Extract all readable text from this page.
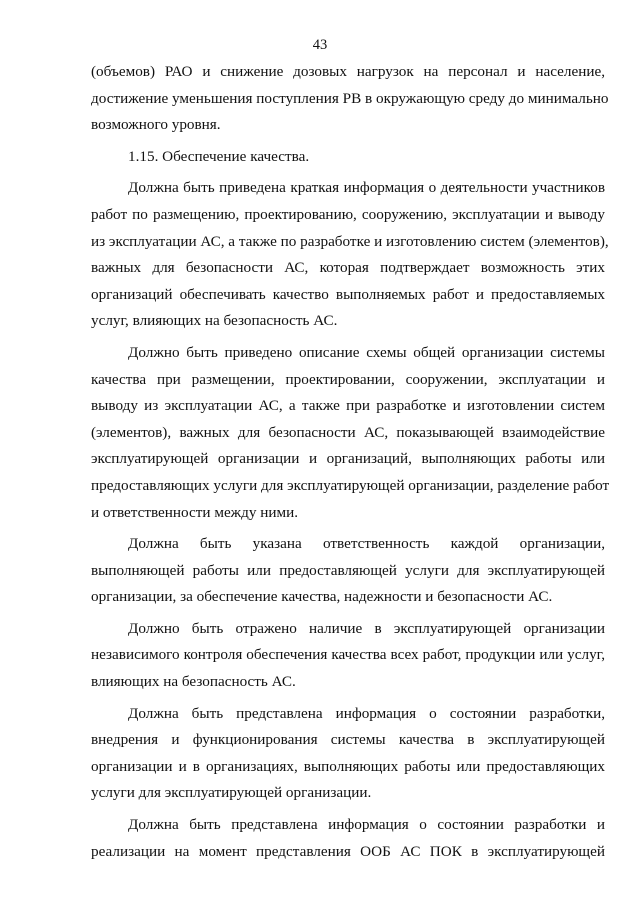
43

(объемов) РАО и снижение дозовых нагрузок на персонал и население,
достижение уменьшения поступления РВ в окружающую среду до минимально
возможного уровня.

1.15. Обеспечение качества.

Должна быть приведена краткая информация о деятельности участников
работ по размещению, проектированию, сооружению, эксплуатации и выводу
из эксплуатации АС, а также по разработке и изготовлению систем (элементов),
важных для безопасности АС, которая подтверждает возможность этих
организаций обеспечивать качество выполняемых работ и предоставляемых
услуг, влияющих на безопасность АС.

Должно быть приведено описание схемы общей организации системы
качества при размещении, проектировании, сооружении, эксплуатации и
выводу из эксплуатации АС, а также при разработке и изготовлении систем
(элементов), важных для безопасности АС, показывающей взаимодействие
эксплуатирующей организации и организаций, выполняющих работы или
предоставляющих услуги для эксплуатирующей организации, разделение работ
и ответственности между ними.

Должна быть указана ответственность каждой организации,
выполняющей работы или предоставляющей услуги для эксплуатирующей
организации, за обеспечение качества, надежности и безопасности АС.

Должно быть отражено наличие в эксплуатирующей организации
независимого контроля обеспечения качества всех работ, продукции или услуг,
влияющих на безопасность АС.

Должна быть представлена информация о состоянии разработки,
внедрения и функционирования системы качества в эксплуатирующей
организации и в организациях, выполняющих работы или предоставляющих
услуги для эксплуатирующей организации.

Должна быть представлена информация о состоянии разработки и
реализации на момент представления ООБ АС ПОК в эксплуатирующей
